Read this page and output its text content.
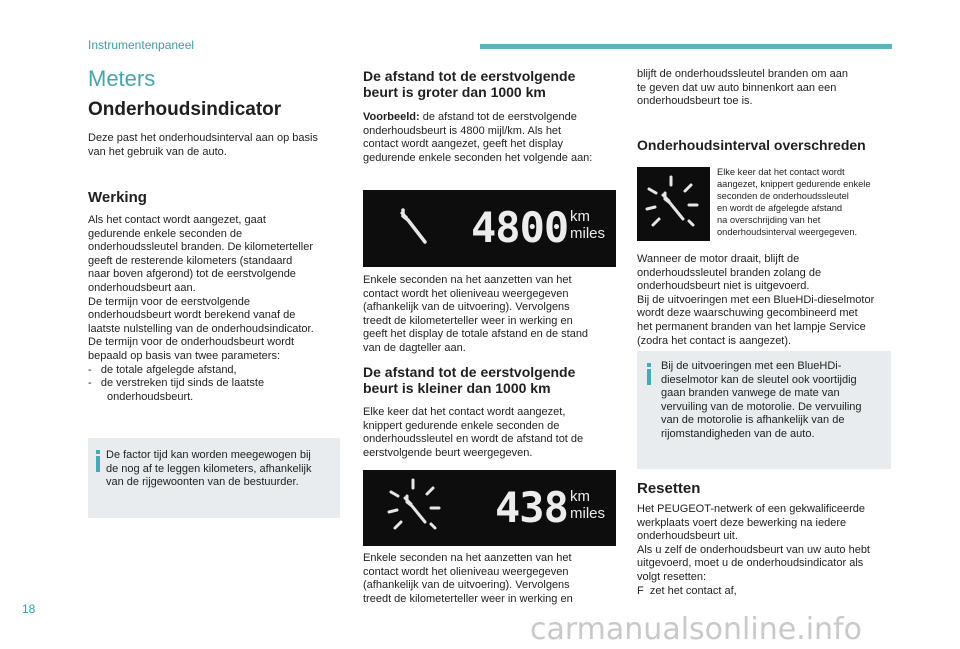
Instrumentenpaneel
Meters
Onderhoudsindicator
Deze past het onderhoudsinterval aan op basis
van het gebruik van de auto.
Werking
Als het contact wordt aangezet, gaat
gedurende enkele seconden de
onderhoudssleutel branden. De kilometerteller
geeft de resterende kilometers (standaard
naar boven afgerond) tot de eerstvolgende
onderhoudsbeurt aan.
De termijn voor de eerstvolgende
onderhoudsbeurt wordt berekend vanaf de
laatste nulstelling van de onderhoudsindicator.
De termijn voor de onderhoudsbeurt wordt
bepaald op basis van twee parameters:
-   de totale afgelegde afstand,
-   de verstreken tijd sinds de laatste
onderhoudsbeurt.
De factor tijd kan worden meegewogen bij
de nog af te leggen kilometers, afhankelijk
van de rijgewoonten van de bestuurder.
De afstand tot de eerstvolgende
beurt is groter dan 1000 km
Voorbeeld: de afstand tot de eerstvolgende
onderhoudsbeurt is 4800 mijl/km. Als het
contact wordt aangezet, geeft het display
gedurende enkele seconden het volgende aan:
4800 km
miles
Enkele seconden na het aanzetten van het
contact wordt het olieniveau weergegeven
(afhankelijk van de uitvoering). Vervolgens
treedt de kilometerteller weer in werking en
geeft het display de totale afstand en de stand
van de dagteller aan.
De afstand tot de eerstvolgende
beurt is kleiner dan 1000 km
Elke keer dat het contact wordt aangezet,
knippert gedurende enkele seconden de
onderhoudssleutel en wordt de afstand tot de
eerstvolgende beurt weergegeven.
438 km
miles
Enkele seconden na het aanzetten van het
contact wordt het olieniveau weergegeven
(afhankelijk van de uitvoering). Vervolgens
treedt de kilometerteller weer in werking en
blijft de onderhoudssleutel branden om aan
te geven dat uw auto binnenkort aan een
onderhoudsbeurt toe is.
Onderhoudsinterval overschreden
Elke keer dat het contact wordt
aangezet, knippert gedurende enkele
seconden de onderhoudssleutel
en wordt de afgelegde afstand
na overschrijding van het
onderhoudsinterval weergegeven.
Wanneer de motor draait, blijft de
onderhoudssleutel branden zolang de
onderhoudsbeurt niet is uitgevoerd.
Bij de uitvoeringen met een BlueHDi-dieselmotor
wordt deze waarschuwing gecombineerd met
het permanent branden van het lampje Service
(zodra het contact is aangezet).
Bij de uitvoeringen met een BlueHDi-
dieselmotor kan de sleutel ook voortijdig
gaan branden vanwege de mate van
vervuiling van de motorolie. De vervuiling
van de motorolie is afhankelijk van de
rijomstandigheden van de auto.
Resetten
Het PEUGEOT-netwerk of een gekwalificeerde
werkplaats voert deze bewerking na iedere
onderhoudsbeurt uit.
Als u zelf de onderhoudsbeurt van uw auto hebt
uitgevoerd, moet u de onderhoudsindicator als
volgt resetten:
F  zet het contact af,
18
carmanualsonline.info
